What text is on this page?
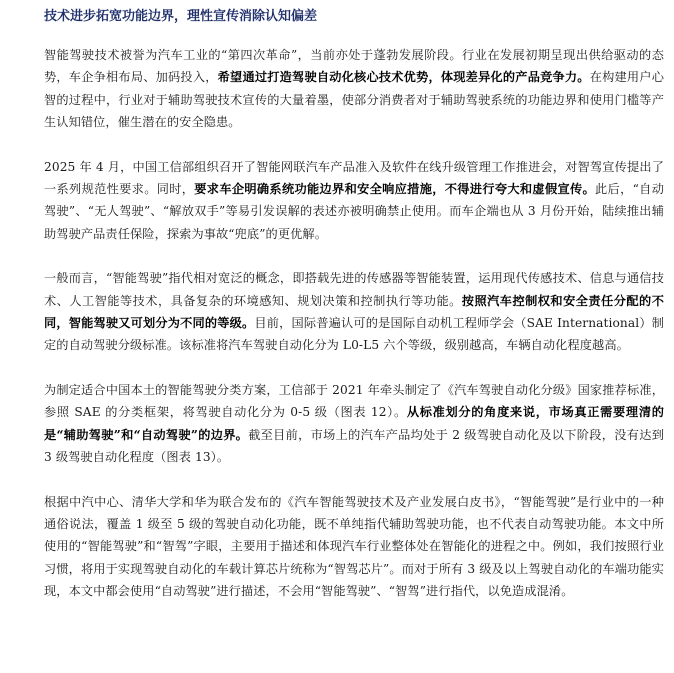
技术进步拓宽功能边界，理性宣传消除认知偏差

智能驾驶技术被誉为汽车工业的“第四次革命”，当前亦处于蓬勃发展阶段。行业在发展初期呈现出供给驱动的态势，车企争相布局、加码投入，希望通过打造驾驶自动化核心技术优势，体现差异化的产品竞争力。在构建用户心智的过程中，行业对于辅助驾驶技术宣传的大量着墨，使部分消费者对于辅助驾驶系统的功能边界和使用门槛等产生认知错位，催生潜在的安全隐患。

2025 年 4 月，中国工信部组织召开了智能网联汽车产品准入及软件在线升级管理工作推进会，对智驾宣传提出了一系列规范性要求。同时，要求车企明确系统功能边界和安全响应措施，不得进行夸大和虚假宣传。此后，“自动驾驶”、“无人驾驶”、“解放双手”等易引发误解的表述亦被明确禁止使用。而车企端也从 3 月份开始，陆续推出辅助驾驶产品责任保险，探索为事故“兜底”的更优解。

一般而言，“智能驾驶”指代相对宽泛的概念，即搭载先进的传感器等智能装置，运用现代传感技术、信息与通信技术、人工智能等技术，具备复杂的环境感知、规划决策和控制执行等功能。按照汽车控制权和安全责任分配的不同，智能驾驶又可划分为不同的等级。目前，国际普遍认可的是国际自动机工程师学会（SAE International）制定的自动驾驶分级标准。该标准将汽车驾驶自动化分为 L0-L5 六个等级，级别越高，车辆自动化程度越高。

为制定适合中国本土的智能驾驶分类方案，工信部于 2021 年牵头制定了《汽车驾驶自动化分级》国家推荐标准，参照 SAE 的分类框架，将驾驶自动化分为 0-5 级（图表 12）。从标准划分的角度来说，市场真正需要理清的是“辅助驾驶”和“自动驾驶”的边界。截至目前，市场上的汽车产品均处于 2 级驾驶自动化及以下阶段，没有达到 3 级驾驶自动化程度（图表 13）。

根据中汽中心、清华大学和华为联合发布的《汽车智能驾驶技术及产业发展白皮书》，“智能驾驶”是行业中的一种通俗说法，覆盖 1 级至 5 级的驾驶自动化功能，既不单纯指代辅助驾驶功能，也不代表自动驾驶功能。本文中所使用的“智能驾驶”和“智驾”字眼，主要用于描述和体现汽车行业整体处在智能化的进程之中。例如，我们按照行业习惯，将用于实现驾驶自动化的车载计算芯片统称为“智驾芯片”。而对于所有 3 级及以上驾驶自动化的车端功能实现，本文中都会使用“自动驾驶”进行描述，不会用“智能驾驶”、“智驾”进行指代，以免造成混淆。
